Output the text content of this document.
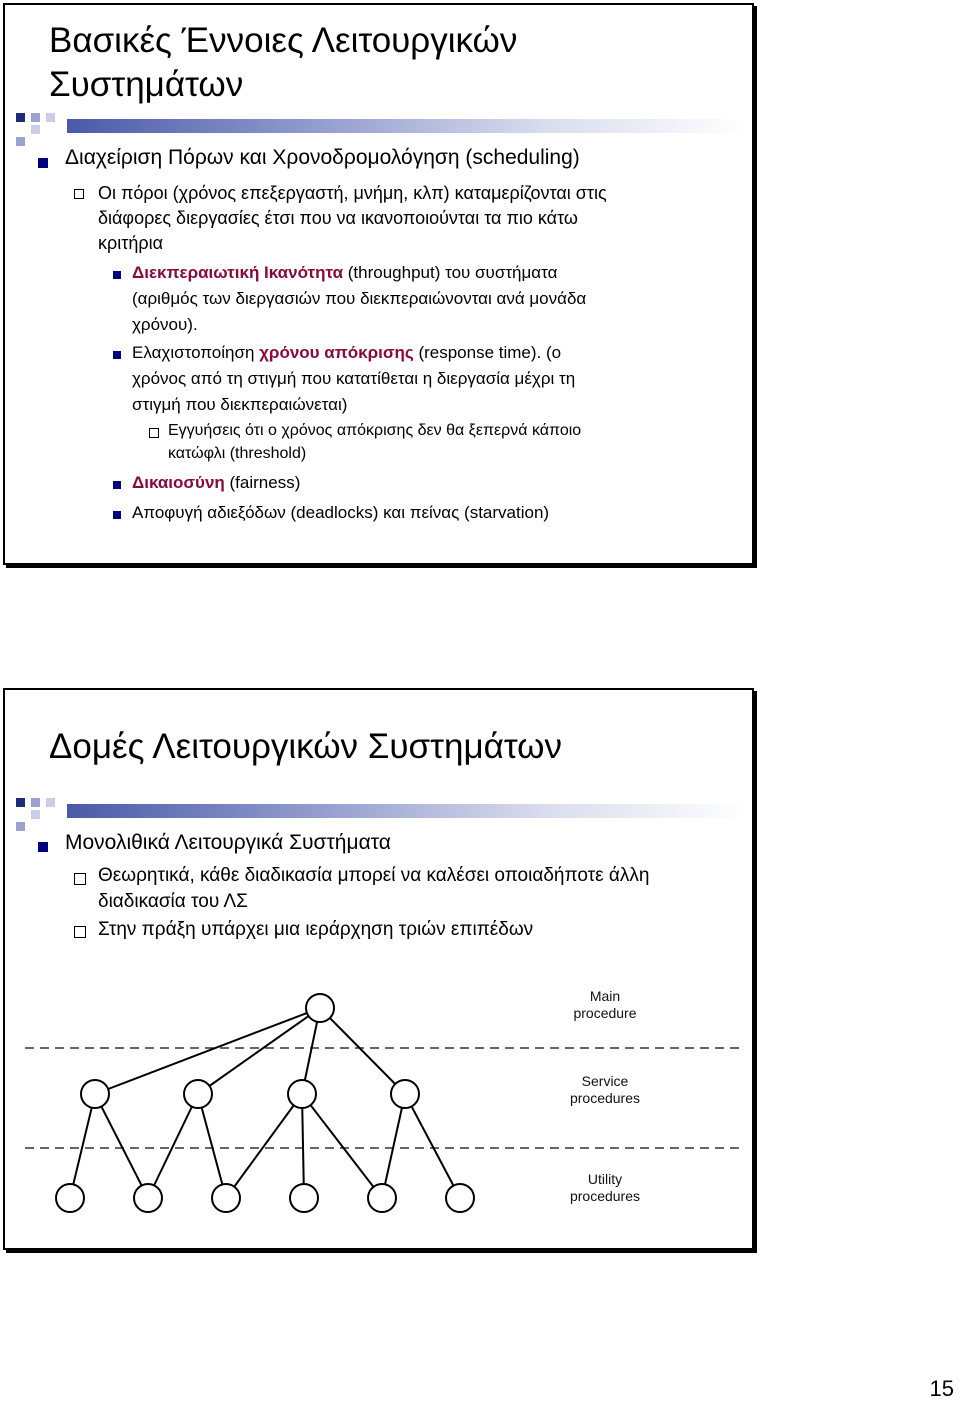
Βασικές Έννοιες Λειτουργικών
Συστημάτων
Διαχείριση Πόρων και Χρονοδρομολόγηση (scheduling)
Οι πόροι (χρόνος επεξεργαστή, μνήμη, κλπ) καταμερίζονται στις
διάφορες διεργασίες έτσι που να ικανοποιούνται τα πιο κάτω
κριτήρια
Διεκπεραιωτική Ικανότητα (throughput) του συστήματα
(αριθμός των διεργασιών που διεκπεραιώνονται ανά μονάδα
χρόνου).
Ελαχιστοποίηση χρόνου απόκρισης (response time). (ο
χρόνος από τη στιγμή που κατατίθεται η διεργασία μέχρι τη
στιγμή που διεκπεραιώνεται)
Εγγυήσεις ότι ο χρόνος απόκρισης δεν θα ξεπερνά κάποιο
κατώφλι (threshold)
Δικαιοσύνη (fairness)
Αποφυγή αδιεξόδων (deadlocks) και πείνας (starvation)
Δομές Λειτουργικών Συστημάτων
Μονολιθικά Λειτουργικά Συστήματα
Θεωρητικά, κάθε διαδικασία μπορεί να καλέσει οποιαδήποτε άλλη
διαδικασία του ΛΣ
Στην πράξη υπάρχει μια ιεράρχηση τριών επιπέδων
Main
procedure
Service
procedures
Utility
procedures
15
